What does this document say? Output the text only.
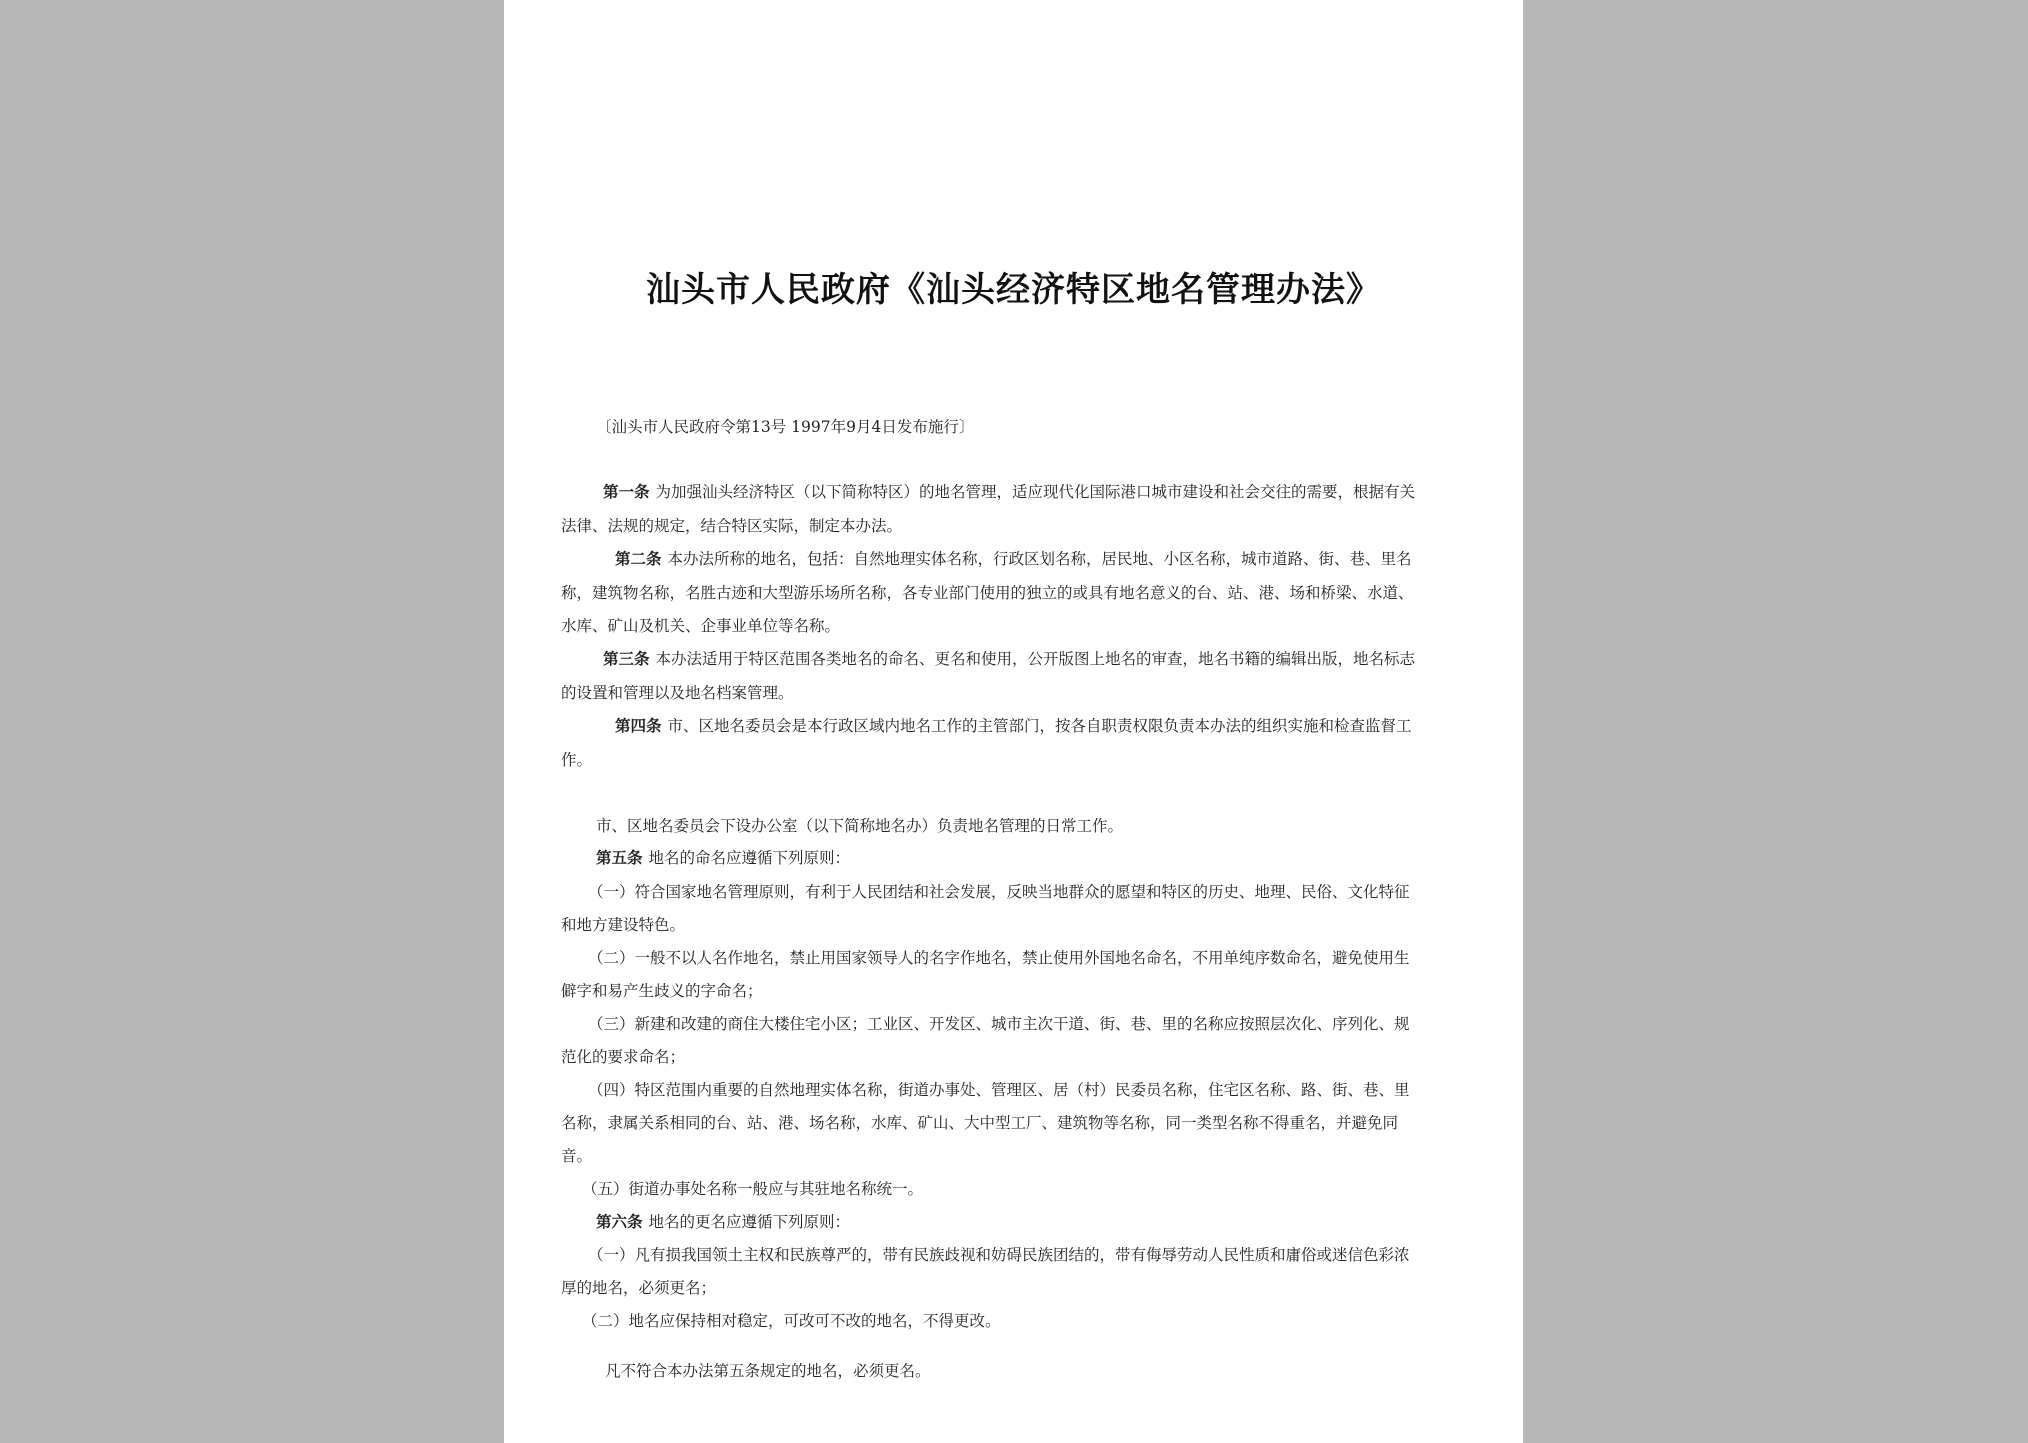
汕头市人民政府《汕头经济特区地名管理办法》
〔汕头市人民政府令第13号 1997年9月4日发布施行〕
第一条 为加强汕头经济特区（以下简称特区）的地名管理，适应现代化国际港口城市建设和社会交往的需要，根据有关
法律、法规的规定，结合特区实际，制定本办法。
第二条 本办法所称的地名，包括：自然地理实体名称，行政区划名称，居民地、小区名称，城市道路、街、巷、里名
称，建筑物名称，名胜古迹和大型游乐场所名称，各专业部门使用的独立的或具有地名意义的台、站、港、场和桥梁、水道、
水库、矿山及机关、企事业单位等名称。
第三条 本办法适用于特区范围各类地名的命名、更名和使用，公开版图上地名的审查，地名书籍的编辑出版，地名标志
的设置和管理以及地名档案管理。
第四条 市、区地名委员会是本行政区域内地名工作的主管部门，按各自职责权限负责本办法的组织实施和检查监督工
作。
市、区地名委员会下设办公室（以下简称地名办）负责地名管理的日常工作。
第五条 地名的命名应遵循下列原则：
（一）符合国家地名管理原则，有利于人民团结和社会发展，反映当地群众的愿望和特区的历史、地理、民俗、文化特征
和地方建设特色。
（二）一般不以人名作地名，禁止用国家领导人的名字作地名，禁止使用外国地名命名，不用单纯序数命名，避免使用生
僻字和易产生歧义的字命名；
（三）新建和改建的商住大楼住宅小区；工业区、开发区、城市主次干道、街、巷、里的名称应按照层次化、序列化、规
范化的要求命名；
（四）特区范围内重要的自然地理实体名称，街道办事处、管理区、居（村）民委员名称，住宅区名称、路、街、巷、里
名称，隶属关系相同的台、站、港、场名称，水库、矿山、大中型工厂、建筑物等名称，同一类型名称不得重名，并避免同
音。
（五）街道办事处名称一般应与其驻地名称统一。
第六条 地名的更名应遵循下列原则：
（一）凡有损我国领土主权和民族尊严的，带有民族歧视和妨碍民族团结的，带有侮辱劳动人民性质和庸俗或迷信色彩浓
厚的地名，必须更名；
（二）地名应保持相对稳定，可改可不改的地名，不得更改。
凡不符合本办法第五条规定的地名，必须更名。
